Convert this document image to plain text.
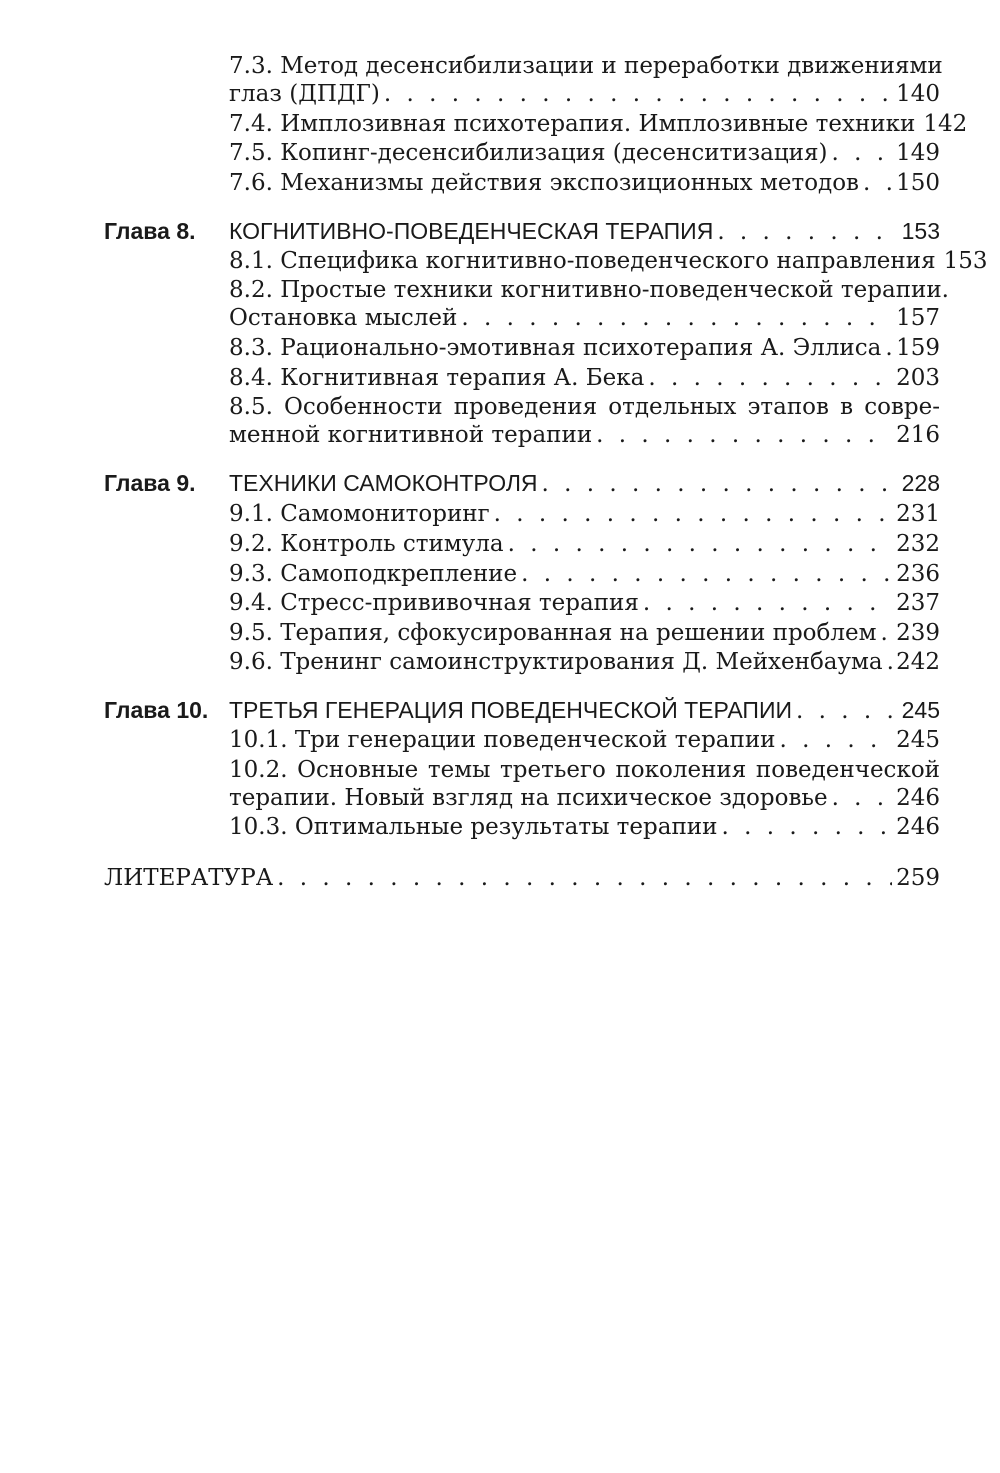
7.3. Метод десенсибилизации и переработки движениями
глаз (ДПДГ) . . .	140
7.4. Имплозивная психотерапия. Имплозивные техники 142
7.5. Копинг-десенсибилизация (десенситизация) . . .	149
7.6. Механизмы действия экспозиционных методов . . . 150
Глава 8. КОГНИТИВНО-ПОВЕДЕНЧЕСКАЯ ТЕРАПИЯ . . .	153
8.1. Специфика когнитивно-поведенческого направления 153
8.2. Простые техники когнитивно-поведенческой терапии.
Остановка мыслей . . .	157
8.3. Рационально-эмотивная психотерапия А. Эллиса . . . 159
8.4. Когнитивная терапия А. Бека . . .	203
8.5. Особенности проведения отдельных этапов в совре-
менной когнитивной терапии . . .	216
Глава 9. ТЕХНИКИ САМОКОНТРОЛЯ . . .	228
9.1. Самомониторинг . . .	231
9.2. Контроль стимула . . .	232
9.3. Самоподкрепление . . .	236
9.4. Стресс-прививочная терапия . . .	237
9.5. Терапия, сфокусированная на решении проблем . . . 239
9.6. Тренинг самоинструктирования Д. Мейхенбаума . . . 242
Глава 10. ТРЕТЬЯ ГЕНЕРАЦИЯ ПОВЕДЕНЧЕСКОЙ ТЕРАПИИ . . .	245
10.1. Три генерации поведенческой терапии . . .	245
10.2. Основные темы третьего поколения поведенческой
терапии. Новый взгляд на психическое здоровье . . .	246
10.3. Оптимальные результаты терапии . . .	246
ЛИТЕРАТУРА . . .	259
